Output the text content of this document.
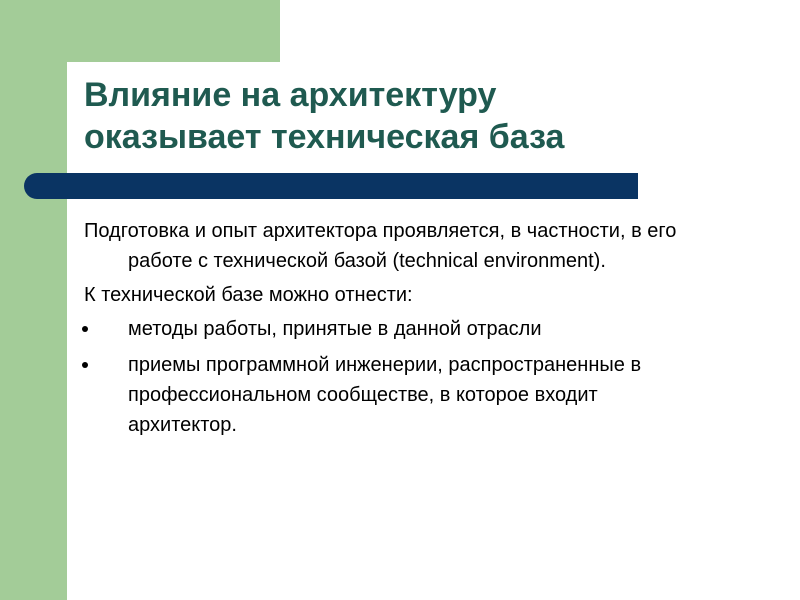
Влияние на архитектуру
оказывает техническая база

Подготовка и опыт архитектора проявляется, в частности, в его работе с технической базой (technical environment).

К технической базе можно отнести:

методы работы, принятые в данной отрасли
приемы программной инженерии, распространенные в профессиональном сообществе, в которое входит архитектор.
